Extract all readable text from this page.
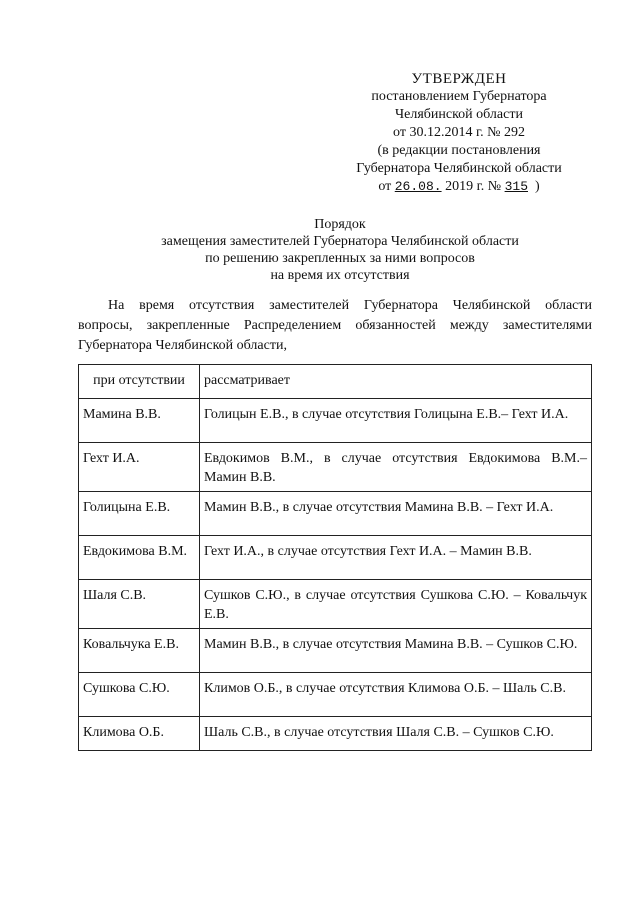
УТВЕРЖДЕН
постановлением Губернатора
Челябинской области
от 30.12.2014 г. № 292
(в редакции постановления
Губернатора Челябинской области
от 26.08. 2019 г. № 315 )
Порядок
замещения заместителей Губернатора Челябинской области
по решению закрепленных за ними вопросов
на время их отсутствия
На время отсутствия заместителей Губернатора Челябинской области
вопросы, закрепленные Распределением обязанностей между заместителями Губернатора Челябинской области,
при отсутствии	рассматривает
Мамина В.В.	Голицын Е.В., в случае отсутствия Голицына Е.В.– Гехт И.А.
Гехт И.А.	Евдокимов В.М., в случае отсутствия Евдокимова В.М.– Мамин В.В.
Голицына Е.В.	Мамин В.В., в случае отсутствия Мамина В.В. – Гехт И.А.
Евдокимова В.М.	Гехт И.А., в случае отсутствия Гехт И.А. – Мамин В.В.
Шаля С.В.	Сушков С.Ю., в случае отсутствия Сушкова С.Ю. – Ковальчук Е.В.
Ковальчука Е.В.	Мамин В.В., в случае отсутствия Мамина В.В. – Сушков С.Ю.
Сушкова С.Ю.	Климов О.Б., в случае отсутствия Климова О.Б. – Шаль С.В.
Климова О.Б.	Шаль С.В., в случае отсутствия Шаля С.В. – Сушков С.Ю.
